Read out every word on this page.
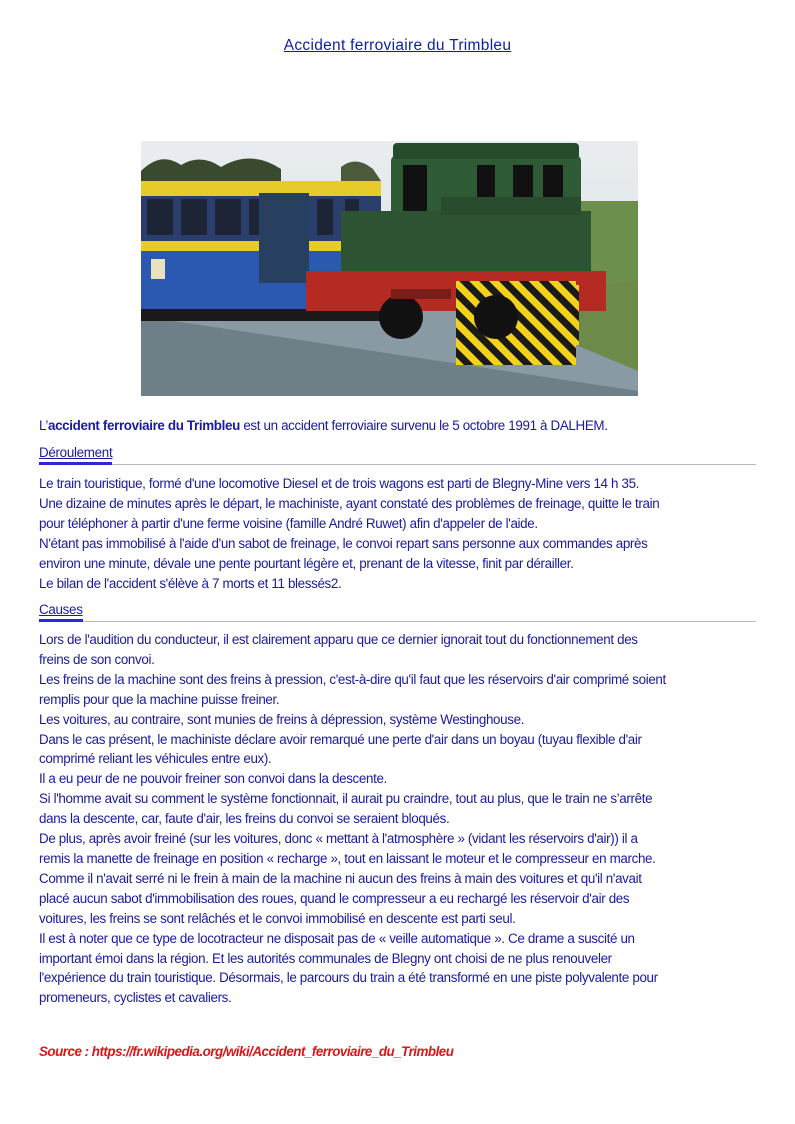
Accident ferroviaire du Trimbleu
L’accident ferroviaire du Trimbleu est un accident ferroviaire survenu le 5 octobre 1991 à DALHEM.
Déroulement
Le train touristique, formé d'une locomotive Diesel et de trois wagons est parti de Blegny-Mine vers 14 h 35.
Une dizaine de minutes après le départ, le machiniste, ayant constaté des problèmes de freinage, quitte le train
pour téléphoner à partir d'une ferme voisine (famille André Ruwet) afin d'appeler de l'aide.
N'étant pas immobilisé à l'aide d'un sabot de freinage, le convoi repart sans personne aux commandes après
environ une minute, dévale une pente pourtant légère et, prenant de la vitesse, finit par dérailler.
Le bilan de l'accident s'élève à 7 morts et 11 blessés2.
Causes
Lors de l'audition du conducteur, il est clairement apparu que ce dernier ignorait tout du fonctionnement des
freins de son convoi.
Les freins de la machine sont des freins à pression, c'est-à-dire qu'il faut que les réservoirs d'air comprimé soient
remplis pour que la machine puisse freiner.
Les voitures, au contraire, sont munies de freins à dépression, système Westinghouse.
Dans le cas présent, le machiniste déclare avoir remarqué une perte d'air dans un boyau (tuyau flexible d'air
comprimé reliant les véhicules entre eux).
Il a eu peur de ne pouvoir freiner son convoi dans la descente.
Si l'homme avait su comment le système fonctionnait, il aurait pu craindre, tout au plus, que le train ne s’arrête
dans la descente, car, faute d'air, les freins du convoi se seraient bloqués.
De plus, après avoir freiné (sur les voitures, donc « mettant à l'atmosphère » (vidant les réservoirs d'air)) il a
remis la manette de freinage en position « recharge », tout en laissant le moteur et le compresseur en marche.
Comme il n'avait serré ni le frein à main de la machine ni aucun des freins à main des voitures et qu'il n'avait
placé aucun sabot d'immobilisation des roues, quand le compresseur a eu rechargé les réservoir d'air des
voitures, les freins se sont relâchés et le convoi immobilisé en descente est parti seul.
Il est à noter que ce type de locotracteur ne disposait pas de « veille automatique ». Ce drame a suscité un
important émoi dans la région. Et les autorités communales de Blegny ont choisi de ne plus renouveler
l'expérience du train touristique. Désormais, le parcours du train a été transformé en une piste polyvalente pour
promeneurs, cyclistes et cavaliers.
Source : https://fr.wikipedia.org/wiki/Accident_ferroviaire_du_Trimbleu
